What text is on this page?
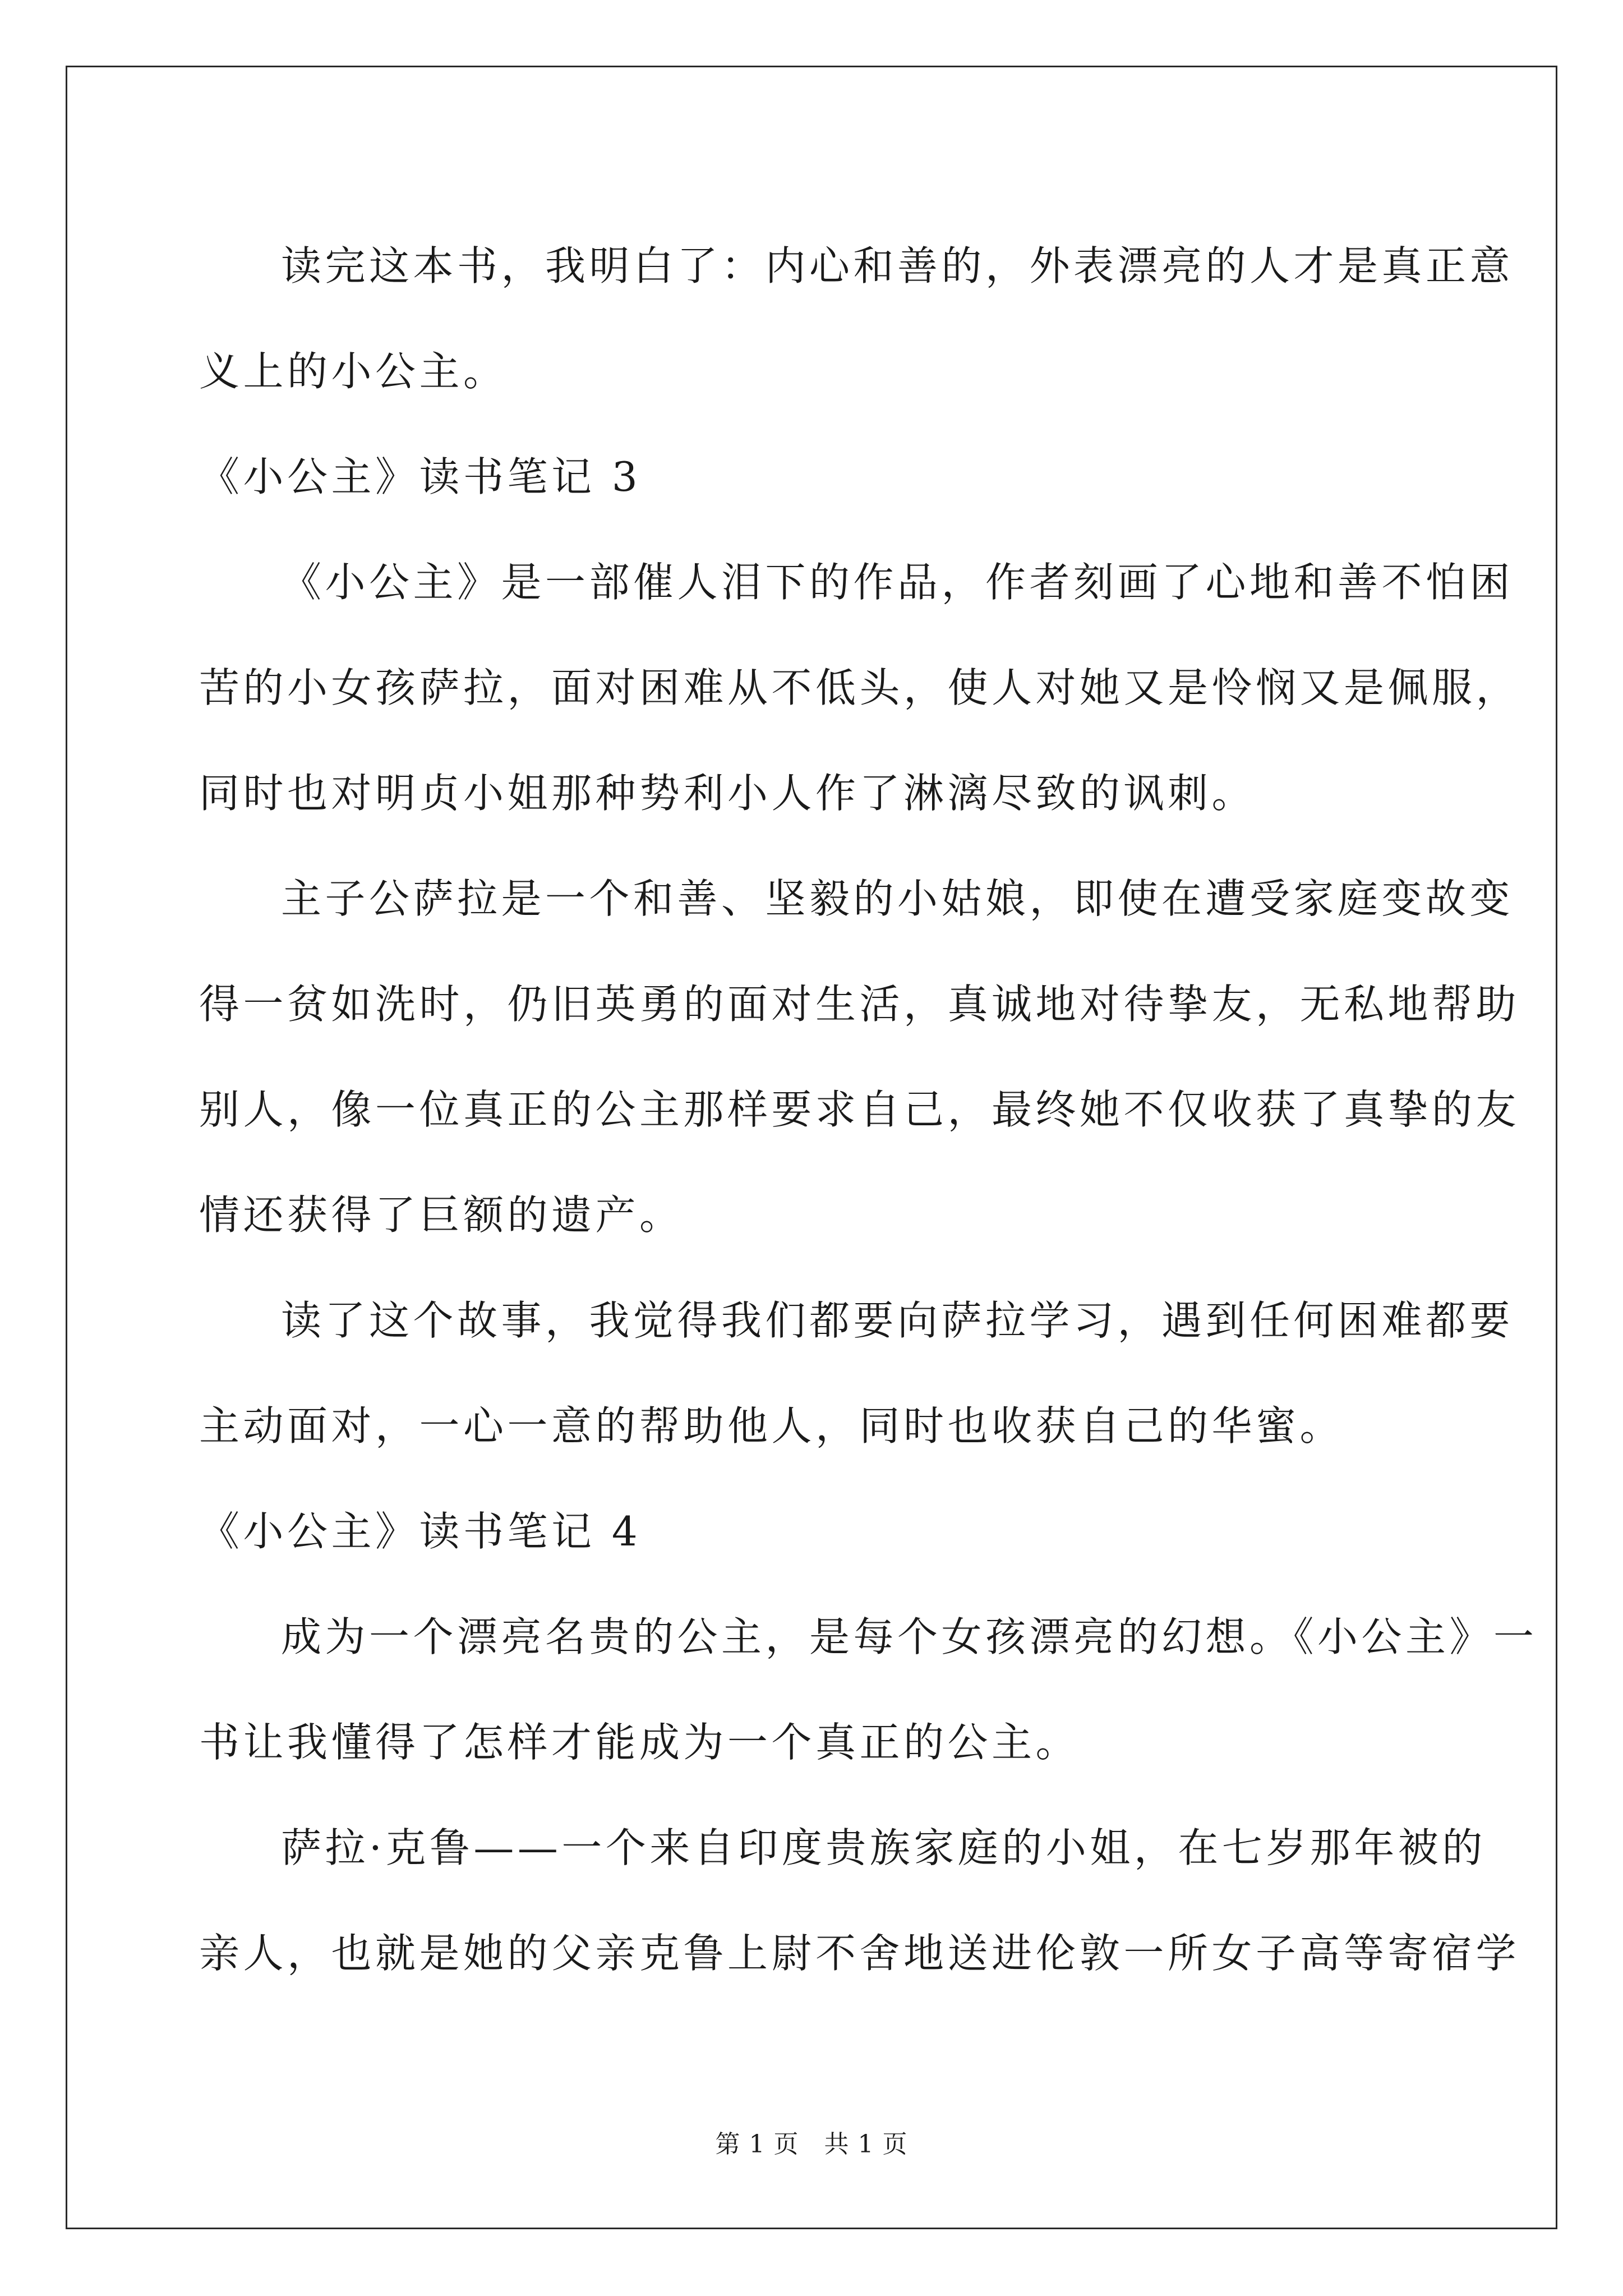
读完这本书，我明白了：内心和善的，外表漂亮的人才是真正意
义上的小公主。
《小公主》读书笔记 3
《小公主》是一部催人泪下的作品，作者刻画了心地和善不怕困
苦的小女孩萨拉，面对困难从不低头，使人对她又是怜悯又是佩服，
同时也对明贞小姐那种势利小人作了淋漓尽致的讽刺。
主子公萨拉是一个和善、坚毅的小姑娘，即使在遭受家庭变故变
得一贫如洗时，仍旧英勇的面对生活，真诚地对待挚友，无私地帮助
别人，像一位真正的公主那样要求自己，最终她不仅收获了真挚的友
情还获得了巨额的遗产。
读了这个故事，我觉得我们都要向萨拉学习，遇到任何困难都要
主动面对，一心一意的帮助他人，同时也收获自己的华蜜。
《小公主》读书笔记 4
成为一个漂亮名贵的公主，是每个女孩漂亮的幻想。《小公主》一
书让我懂得了怎样才能成为一个真正的公主。
萨拉·克鲁——一个来自印度贵族家庭的小姐，在七岁那年被的
亲人，也就是她的父亲克鲁上尉不舍地送进伦敦一所女子高等寄宿学
第 1 页   共 1 页
